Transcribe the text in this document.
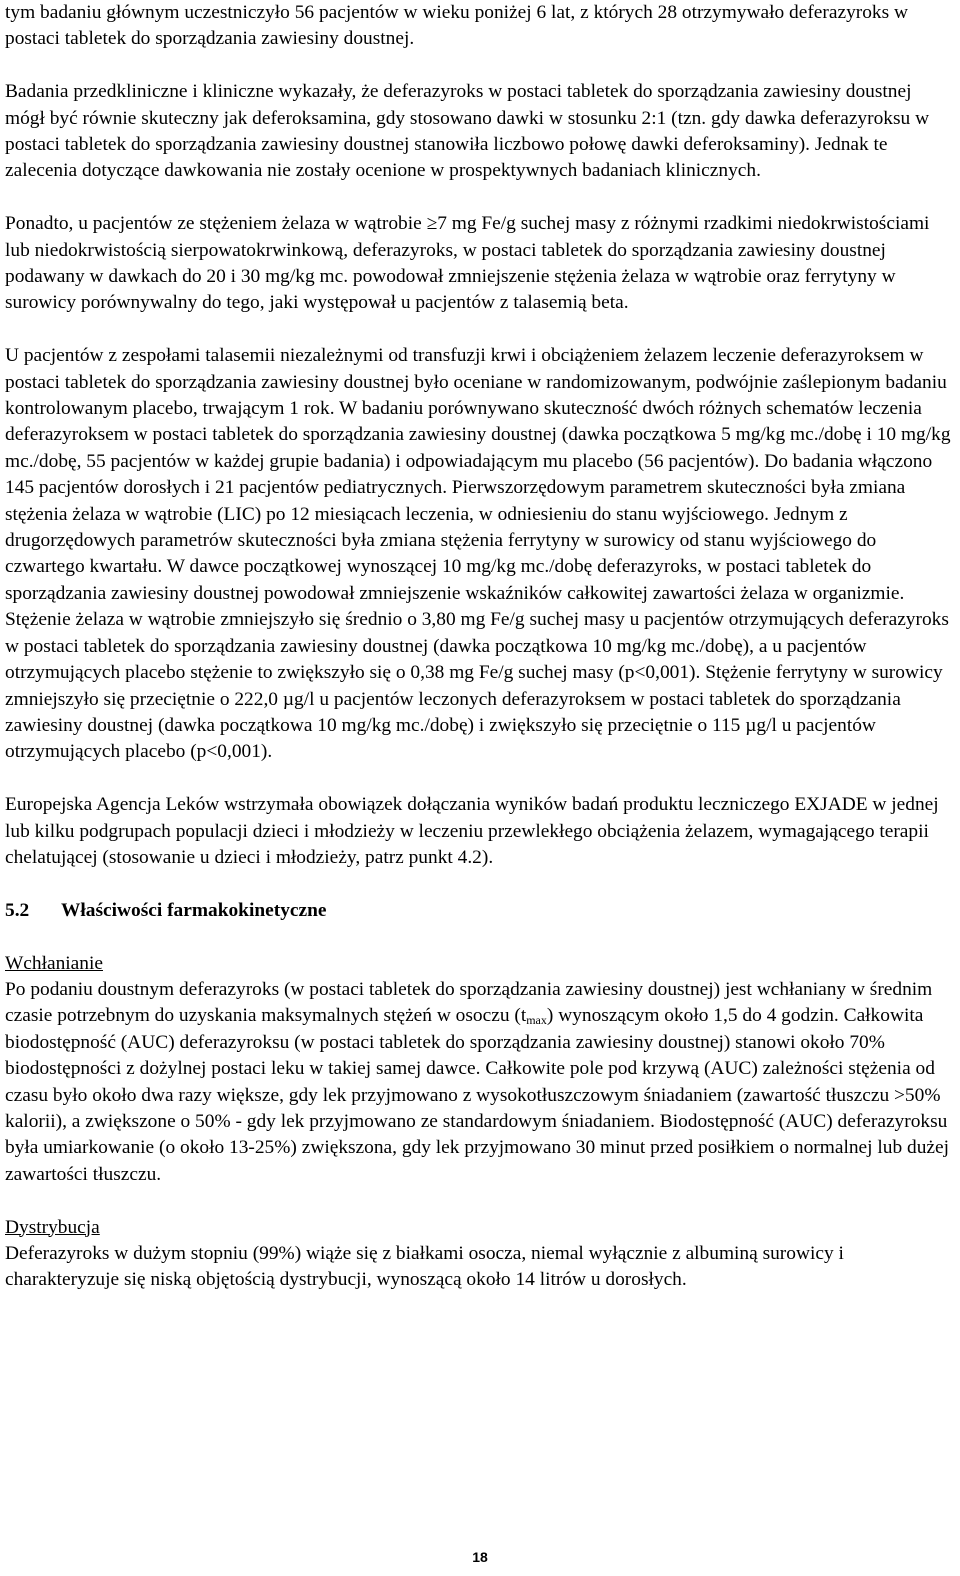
tym badaniu głównym uczestniczyło 56 pacjentów w wieku poniżej 6 lat, z których 28 otrzymywało deferazyroks w postaci tabletek do sporządzania zawiesiny doustnej.

Badania przedkliniczne i kliniczne wykazały, że deferazyroks w postaci tabletek do sporządzania zawiesiny doustnej mógł być równie skuteczny jak deferoksamina, gdy stosowano dawki w stosunku 2:1 (tzn. gdy dawka deferazyroksu w postaci tabletek do sporządzania zawiesiny doustnej stanowiła liczbowo połowę dawki deferoksaminy). Jednak te zalecenia dotyczące dawkowania nie zostały ocenione w prospektywnych badaniach klinicznych.

Ponadto, u pacjentów ze stężeniem żelaza w wątrobie ≥7 mg Fe/g suchej masy z różnymi rzadkimi niedokrwistościami lub niedokrwistością sierpowatokrwinkową, deferazyroks, w postaci tabletek do sporządzania zawiesiny doustnej podawany w dawkach do 20 i 30 mg/kg mc. powodował zmniejszenie stężenia żelaza w wątrobie oraz ferrytyny w surowicy porównywalny do tego, jaki występował u pacjentów z talasemią beta.

U pacjentów z zespołami talasemii niezależnymi od transfuzji krwi i obciążeniem żelazem leczenie deferazyroksem w postaci tabletek do sporządzania zawiesiny doustnej było oceniane w randomizowanym, podwójnie zaślepionym badaniu kontrolowanym placebo, trwającym 1 rok. W badaniu porównywano skuteczność dwóch różnych schematów leczenia deferazyroksem w postaci tabletek do sporządzania zawiesiny doustnej (dawka początkowa 5 mg/kg mc./dobę i 10 mg/kg mc./dobę, 55 pacjentów w każdej grupie badania) i odpowiadającym mu placebo (56 pacjentów). Do badania włączono 145 pacjentów dorosłych i 21 pacjentów pediatrycznych. Pierwszorzędowym parametrem skuteczności była zmiana stężenia żelaza w wątrobie (LIC) po 12 miesiącach leczenia, w odniesieniu do stanu wyjściowego. Jednym z drugorzędowych parametrów skuteczności była zmiana stężenia ferrytyny w surowicy od stanu wyjściowego do czwartego kwartału. W dawce początkowej wynoszącej 10 mg/kg mc./dobę deferazyroks, w postaci tabletek do sporządzania zawiesiny doustnej powodował zmniejszenie wskaźników całkowitej zawartości żelaza w organizmie. Stężenie żelaza w wątrobie zmniejszyło się średnio o 3,80 mg Fe/g suchej masy u pacjentów otrzymujących deferazyroks w postaci tabletek do sporządzania zawiesiny doustnej (dawka początkowa 10 mg/kg mc./dobę), a u pacjentów otrzymujących placebo stężenie to zwiększyło się o 0,38 mg Fe/g suchej masy (p<0,001). Stężenie ferrytyny w surowicy zmniejszyło się przeciętnie o 222,0 µg/l u pacjentów leczonych deferazyroksem w postaci tabletek do sporządzania zawiesiny doustnej (dawka początkowa 10 mg/kg mc./dobę) i zwiększyło się przeciętnie o 115 µg/l u pacjentów otrzymujących placebo (p<0,001).

Europejska Agencja Leków wstrzymała obowiązek dołączania wyników badań produktu leczniczego EXJADE w jednej lub kilku podgrupach populacji dzieci i młodzieży w leczeniu przewlekłego obciążenia żelazem, wymagającego terapii chelatującej (stosowanie u dzieci i młodzieży, patrz punkt 4.2).

5.2 Właściwości farmakokinetyczne

Wchłanianie

Po podaniu doustnym deferazyroks (w postaci tabletek do sporządzania zawiesiny doustnej) jest wchłaniany w średnim czasie potrzebnym do uzyskania maksymalnych stężeń w osoczu $(t_{max})$ wynoszącym około 1,5 do 4 godzin. Całkowita biodostępność (AUC) deferazyroksu (w postaci tabletek do sporządzania zawiesiny doustnej) stanowi około 70% biodostępności z dożylnej postaci leku w takiej samej dawce. Całkowite pole pod krzywą (AUC) zależności stężenia od czasu było około dwa razy większe, gdy lek przyjmowano z wysokotłuszczowym śniadaniem (zawartość tłuszczu >50% kalorii), a zwiększone o 50% - gdy lek przyjmowano ze standardowym śniadaniem. Biodostępność (AUC) deferazyroksu była umiarkowanie (o około 13-25%) zwiększona, gdy lek przyjmowano 30 minut przed posiłkiem o normalnej lub dużej zawartości tłuszczu.

Dystrybucja

Deferazyroks w dużym stopniu (99%) wiąże się z białkami osocza, niemal wyłącznie z albuminą surowicy i charakteryzuje się niską objętością dystrybucji, wynoszącą około 14 litrów u dorosłych.

18
